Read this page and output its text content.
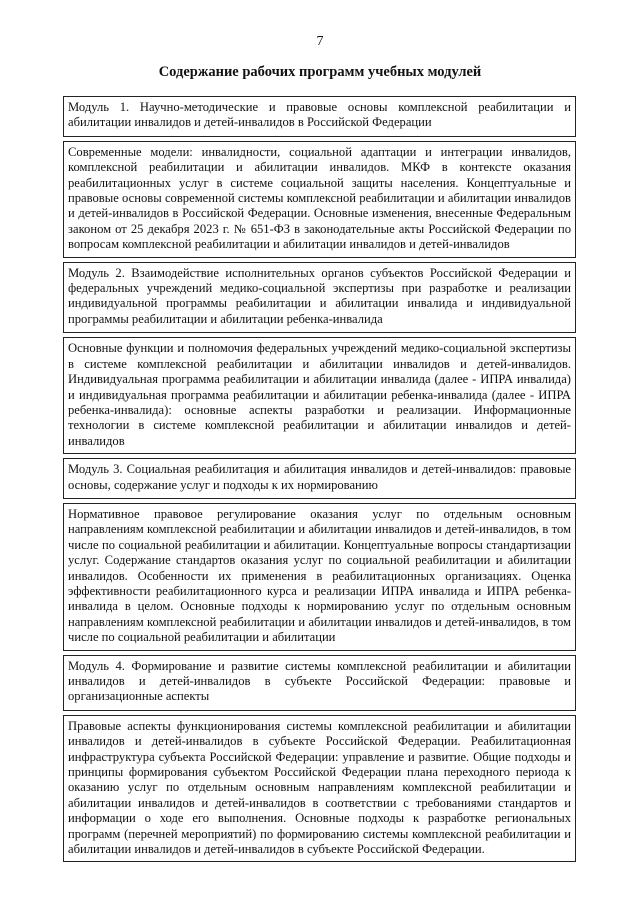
7
Содержание рабочих программ учебных модулей
Модуль 1. Научно-методические и правовые основы комплексной реабилитации и абилитации инвалидов и детей-инвалидов в Российской Федерации

Современные модели: инвалидности, социальной адаптации и интеграции инвалидов, комплексной реабилитации и абилитации инвалидов. МКФ в контексте оказания реабилитационных услуг в системе социальной защиты населения. Концептуальные и правовые основы современной системы комплексной реабилитации и абилитации инвалидов и детей-инвалидов в Российской Федерации. Основные изменения, внесенные Федеральным законом от 25 декабря 2023 г. № 651-ФЗ в законодательные акты Российской Федерации по вопросам комплексной реабилитации и абилитации инвалидов и детей-инвалидов

Модуль 2. Взаимодействие исполнительных органов субъектов Российской Федерации и федеральных учреждений медико-социальной экспертизы при разработке и реализации индивидуальной программы реабилитации и абилитации инвалида и индивидуальной программы реабилитации и абилитации ребенка-инвалида

Основные функции и полномочия федеральных учреждений медико-социальной экспертизы в системе комплексной реабилитации и абилитации инвалидов и детей-инвалидов. Индивидуальная программа реабилитации и абилитации инвалида (далее - ИПРА инвалида) и индивидуальная программа реабилитации и абилитации ребенка-инвалида (далее - ИПРА ребенка-инвалида): основные аспекты разработки и реализации. Информационные технологии в системе комплексной реабилитации и абилитации инвалидов и детей-инвалидов

Модуль 3. Социальная реабилитация и абилитация инвалидов и детей-инвалидов: правовые основы, содержание услуг и подходы к их нормированию

Нормативное правовое регулирование оказания услуг по отдельным основным направлениям комплексной реабилитации и абилитации инвалидов и детей-инвалидов, в том числе по социальной реабилитации и абилитации. Концептуальные вопросы стандартизации услуг. Содержание стандартов оказания услуг по социальной реабилитации и абилитации инвалидов. Особенности их применения в реабилитационных организациях. Оценка эффективности реабилитационного курса и реализации ИПРА инвалида и ИПРА ребенка-инвалида в целом. Основные подходы к нормированию услуг по отдельным основным направлениям комплексной реабилитации и абилитации инвалидов и детей-инвалидов, в том числе по социальной реабилитации и абилитации

Модуль 4. Формирование и развитие системы комплексной реабилитации и абилитации инвалидов и детей-инвалидов в субъекте Российской Федерации: правовые и организационные аспекты

Правовые аспекты функционирования системы комплексной реабилитации и абилитации инвалидов и детей-инвалидов в субъекте Российской Федерации. Реабилитационная инфраструктура субъекта Российской Федерации: управление и развитие. Общие подходы и принципы формирования субъектом Российской Федерации плана переходного периода к оказанию услуг по отдельным основным направлениям комплексной реабилитации и абилитации инвалидов и детей-инвалидов в соответствии с требованиями стандартов и информации о ходе его выполнения. Основные подходы к разработке региональных программ (перечней мероприятий) по формированию системы комплексной реабилитации и абилитации инвалидов и детей-инвалидов в субъекте Российской Федерации.
